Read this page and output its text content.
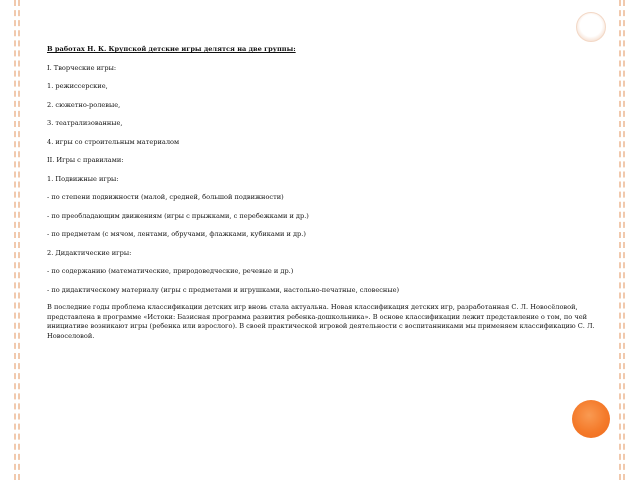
В работах Н. К. Крупской детские игры делятся на две группы:

I. Творческие игры:

1. режиссерские,

2. сюжетно-ролевые,

3. театрализованные,

4. игры со строительным материалом

II. Игры с правилами:

1. Подвижные игры:

- по степени подвижности (малой, средней, большой подвижности)

- по преобладающим движениям (игры с прыжками, с перебежками и др.)

- по предметам (с мячом, лентами, обручами, флажками, кубиками и др.)

2. Дидактические игры:

- по содержанию (математические, природоведческие, речевые и др.)

- по дидактическому материалу (игры с предметами и игрушками, настольно-печатные, словесные)

В последние годы проблема классификации детских игр вновь стала актуальна. Новая классификация детских игр, разработанная С. Л. Новосёловой, представлена в программе «Истоки: Базисная программа развития ребенка-дошкольника». В основе классификации лежит представление о том, по чей инициативе возникают игры (ребенка или взрослого). В своей практической игровой деятельности с воспитанниками мы применяем классификацию С. Л. Новоселовой.
